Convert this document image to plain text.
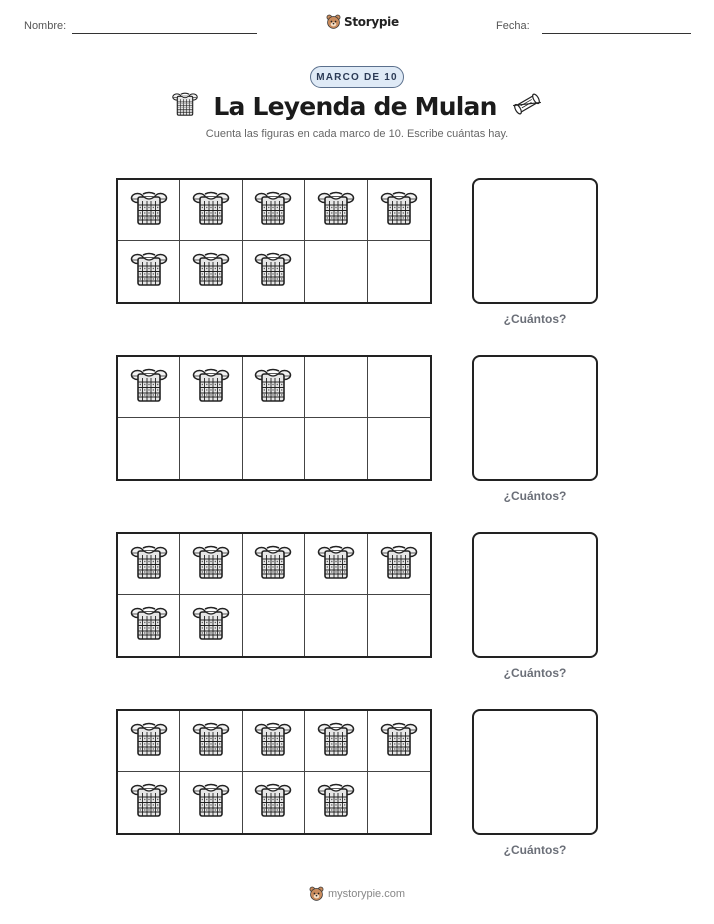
Nombre:	Storypie	Fecha:
MARCO DE 10
La Leyenda de Mulan
Cuenta las figuras en cada marco de 10. Escribe cuántas hay.
¿Cuántos?
¿Cuántos?
¿Cuántos?
¿Cuántos?
mystorypie.com
